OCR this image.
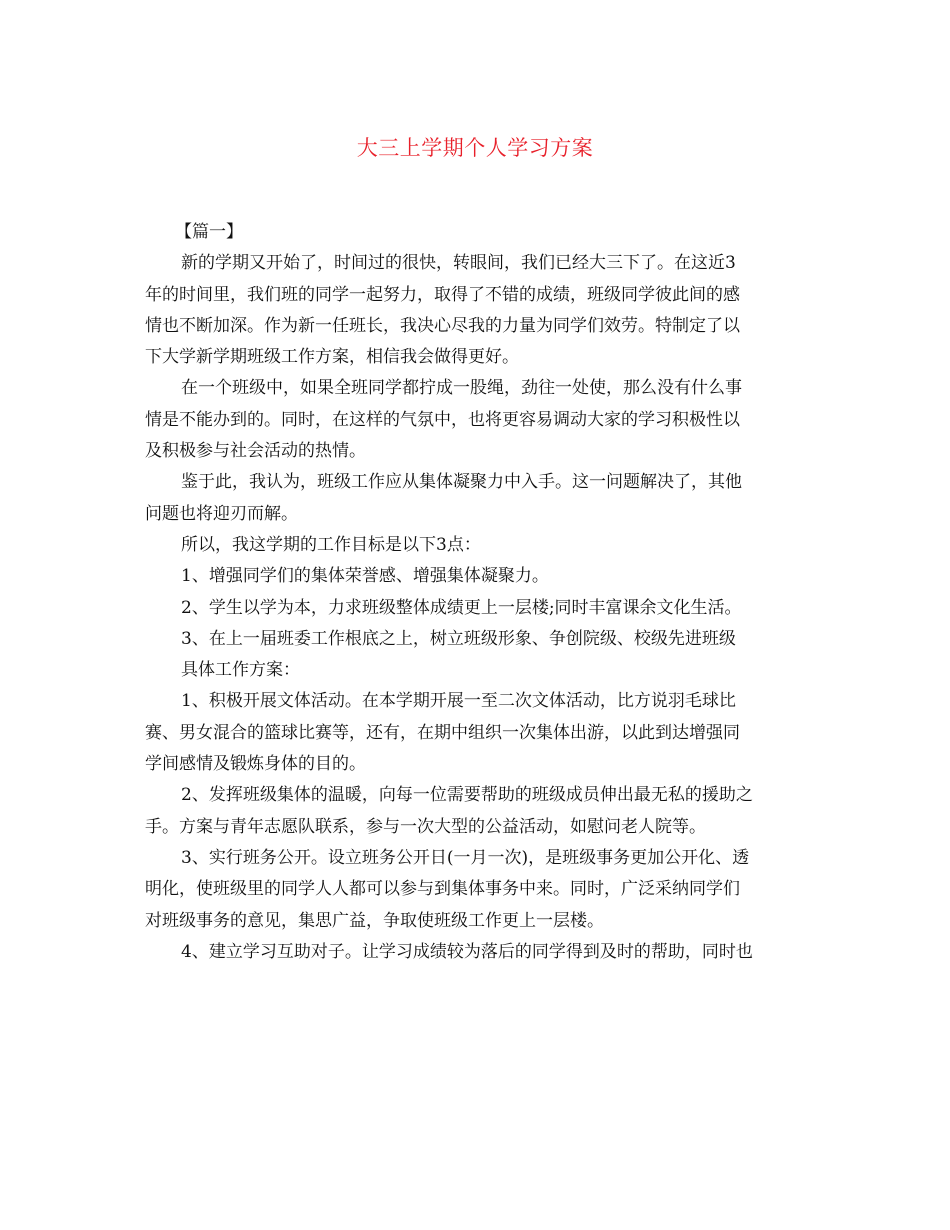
大三上学期个人学习方案
【篇一】
新的学期又开始了，时间过的很快，转眼间，我们已经大三下了。在这近3
年的时间里，我们班的同学一起努力，取得了不错的成绩，班级同学彼此间的感
情也不断加深。作为新一任班长，我决心尽我的力量为同学们效劳。特制定了以
下大学新学期班级工作方案，相信我会做得更好。
在一个班级中，如果全班同学都拧成一股绳，劲往一处使，那么没有什么事
情是不能办到的。同时，在这样的气氛中，也将更容易调动大家的学习积极性以
及积极参与社会活动的热情。
鉴于此，我认为，班级工作应从集体凝聚力中入手。这一问题解决了，其他
问题也将迎刃而解。
所以，我这学期的工作目标是以下3点：
1、增强同学们的集体荣誉感、增强集体凝聚力。
2、学生以学为本，力求班级整体成绩更上一层楼;同时丰富课余文化生活。
3、在上一届班委工作根底之上，树立班级形象、争创院级、校级先进班级
具体工作方案：
1、积极开展文体活动。在本学期开展一至二次文体活动，比方说羽毛球比
赛、男女混合的篮球比赛等，还有，在期中组织一次集体出游，以此到达增强同
学间感情及锻炼身体的目的。
2、发挥班级集体的温暖，向每一位需要帮助的班级成员伸出最无私的援助之
手。方案与青年志愿队联系，参与一次大型的公益活动，如慰问老人院等。
3、实行班务公开。设立班务公开日(一月一次)，是班级事务更加公开化、透
明化，使班级里的同学人人都可以参与到集体事务中来。同时，广泛采纳同学们
对班级事务的意见，集思广益，争取使班级工作更上一层楼。
4、建立学习互助对子。让学习成绩较为落后的同学得到及时的帮助，同时也
